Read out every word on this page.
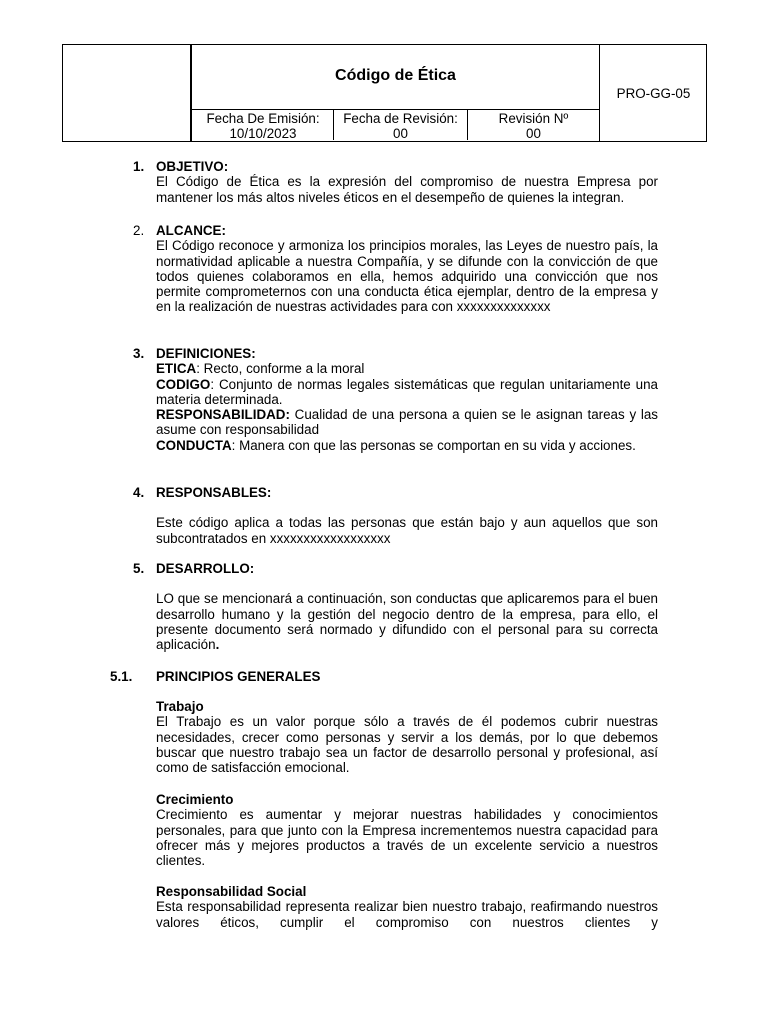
Código de Ética
PRO-GG-05
Fecha De Emisión:
10/10/2023
Fecha de Revisión:
00
Revisión Nº
00
1. OBJETIVO:

El Código de Ética es la expresión del compromiso de nuestra Empresa por mantener los más altos niveles éticos en el desempeño de quienes la integran.

2. ALCANCE:

El Código reconoce y armoniza los principios morales, las Leyes de nuestro país, la normatividad aplicable a nuestra Compañía, y se difunde con la convicción de que todos quienes colaboramos en ella, hemos adquirido una convicción que nos permite comprometernos con una conducta ética ejemplar, dentro de la empresa y en la realización de nuestras actividades para con xxxxxxxxxxxxxx

3. DEFINICIONES:

ETICA: Recto, conforme a la moral

CODIGO: Conjunto de normas legales sistemáticas que regulan unitariamente una materia determinada.

RESPONSABILIDAD: Cualidad de una persona a quien se le asignan tareas y las asume con responsabilidad

CONDUCTA: Manera con que las personas se comportan en su vida y acciones.

4. RESPONSABLES:

Este código aplica a todas las personas que están bajo y aun aquellos que son subcontratados en xxxxxxxxxxxxxxxxxx

5. DESARROLLO:

LO que se mencionará a continuación, son conductas que aplicaremos para el buen desarrollo humano y la gestión del negocio dentro de la empresa, para ello, el presente documento será normado y difundido con el personal para su correcta aplicación.

5.1. PRINCIPIOS GENERALES

Trabajo

El Trabajo es un valor porque sólo a través de él podemos cubrir nuestras necesidades, crecer como personas y servir a los demás, por lo que debemos buscar que nuestro trabajo sea un factor de desarrollo personal y profesional, así como de satisfacción emocional.

Crecimiento

Crecimiento es aumentar y mejorar nuestras habilidades y conocimientos personales, para que junto con la Empresa incrementemos nuestra capacidad para ofrecer más y mejores productos a través de un excelente servicio a nuestros clientes.

Responsabilidad Social

Esta responsabilidad representa realizar bien nuestro trabajo, reafirmando nuestros valores éticos, cumplir el compromiso con nuestros clientes y
